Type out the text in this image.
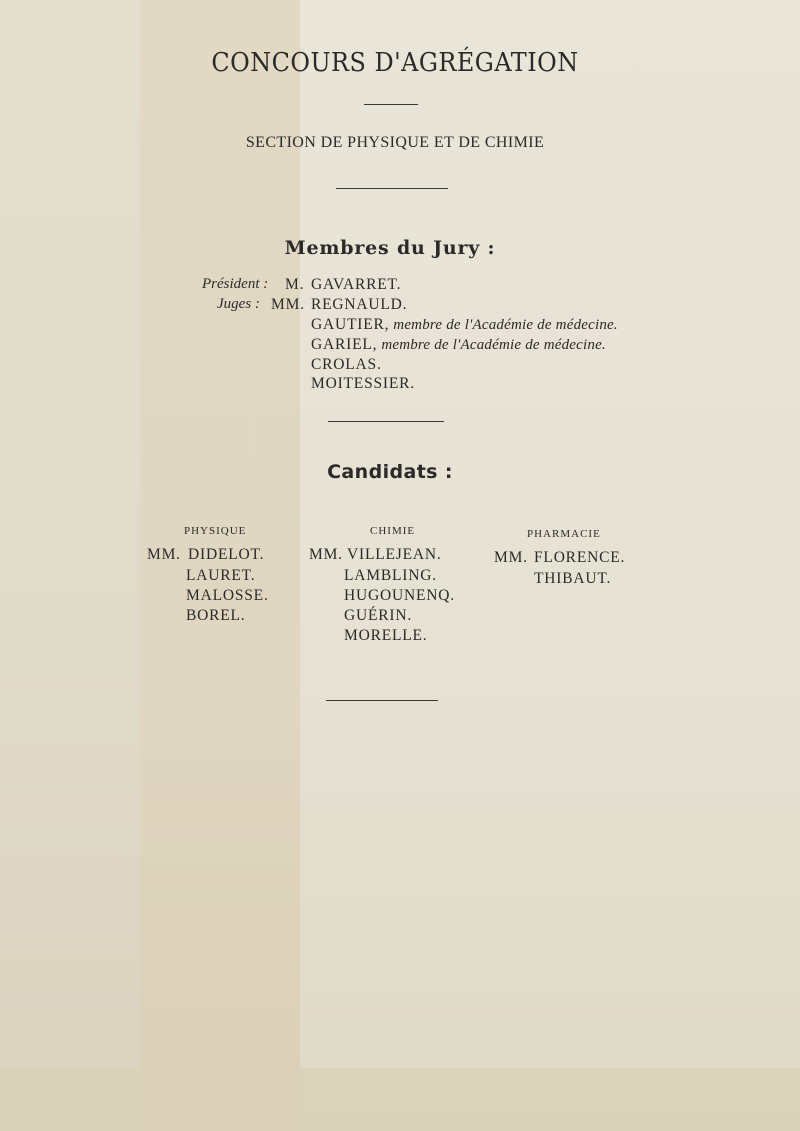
CONCOURS D'AGRÉGATION
SECTION DE PHYSIQUE ET DE CHIMIE
Membres du Jury :
Président : M. GAVARRET.
Juges : MM. REGNAULD.
GAUTIER, membre de l'Académie de médecine.
GARIEL, membre de l'Académie de médecine.
CROLAS.
MOITESSIER.
Candidats :
PHYSIQUE
MM. DIDELOT.
LAURET.
MALOSSE.
BOREL.
CHIMIE
MM. VILLEJEAN.
LAMBLING.
HUGOUNENQ.
GUÉRIN.
MORELLE.
PHARMACIE
MM. FLORENCE.
THIBAUT.
